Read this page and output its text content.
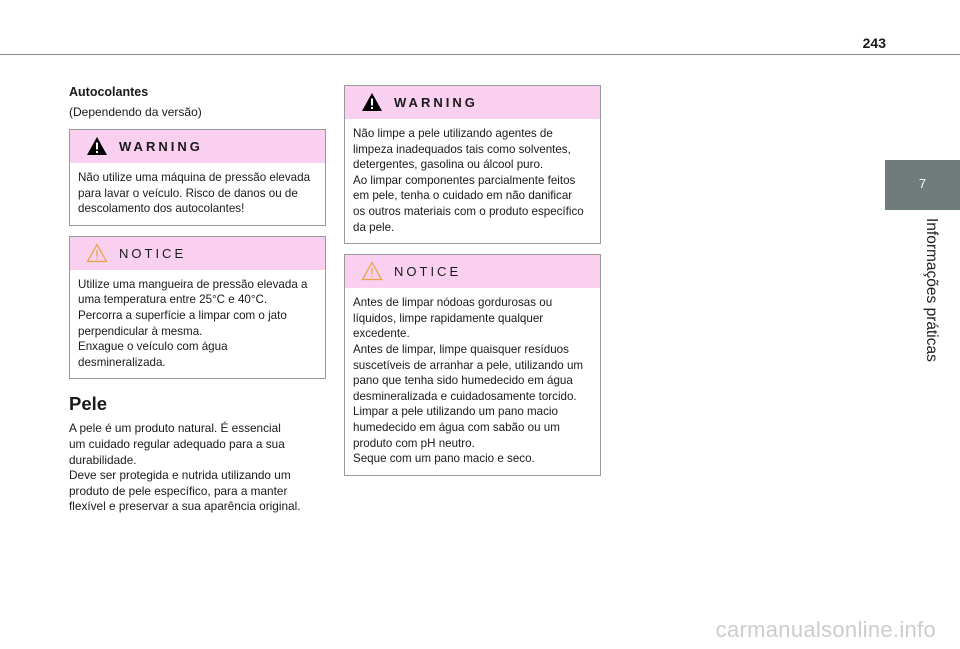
243
7
Informações práticas
Autocolantes
(Dependendo da versão)
WARNING

Não utilize uma máquina de pressão elevada

para lavar o veículo. Risco de danos ou de

descolamento dos autocolantes!

NOTICE

Utilize uma mangueira de pressão elevada a

uma temperatura entre 25°C e 40°C.

Percorra a superfície a limpar com o jato

perpendicular à mesma.

Enxague o veículo com água

desmineralizada.

Pele

A pele é um produto natural. É essencial

um cuidado regular adequado para a sua

durabilidade.

Deve ser protegida e nutrida utilizando um

produto de pele específico, para a manter

flexível e preservar a sua aparência original.

WARNING

Não limpe a pele utilizando agentes de

limpeza inadequados tais como solventes,

detergentes, gasolina ou álcool puro.

Ao limpar componentes parcialmente feitos

em pele, tenha o cuidado em não danificar

os outros materiais com o produto específico

da pele.

NOTICE

Antes de limpar nódoas gordurosas ou

líquidos, limpe rapidamente qualquer

excedente.

Antes de limpar, limpe quaisquer resíduos

suscetíveis de arranhar a pele, utilizando um

pano que tenha sido humedecido em água

desmineralizada e cuidadosamente torcido.

Limpar a pele utilizando um pano macio

humedecido em água com sabão ou um

produto com pH neutro.

Seque com um pano macio e seco.

carmanualsonline.info
